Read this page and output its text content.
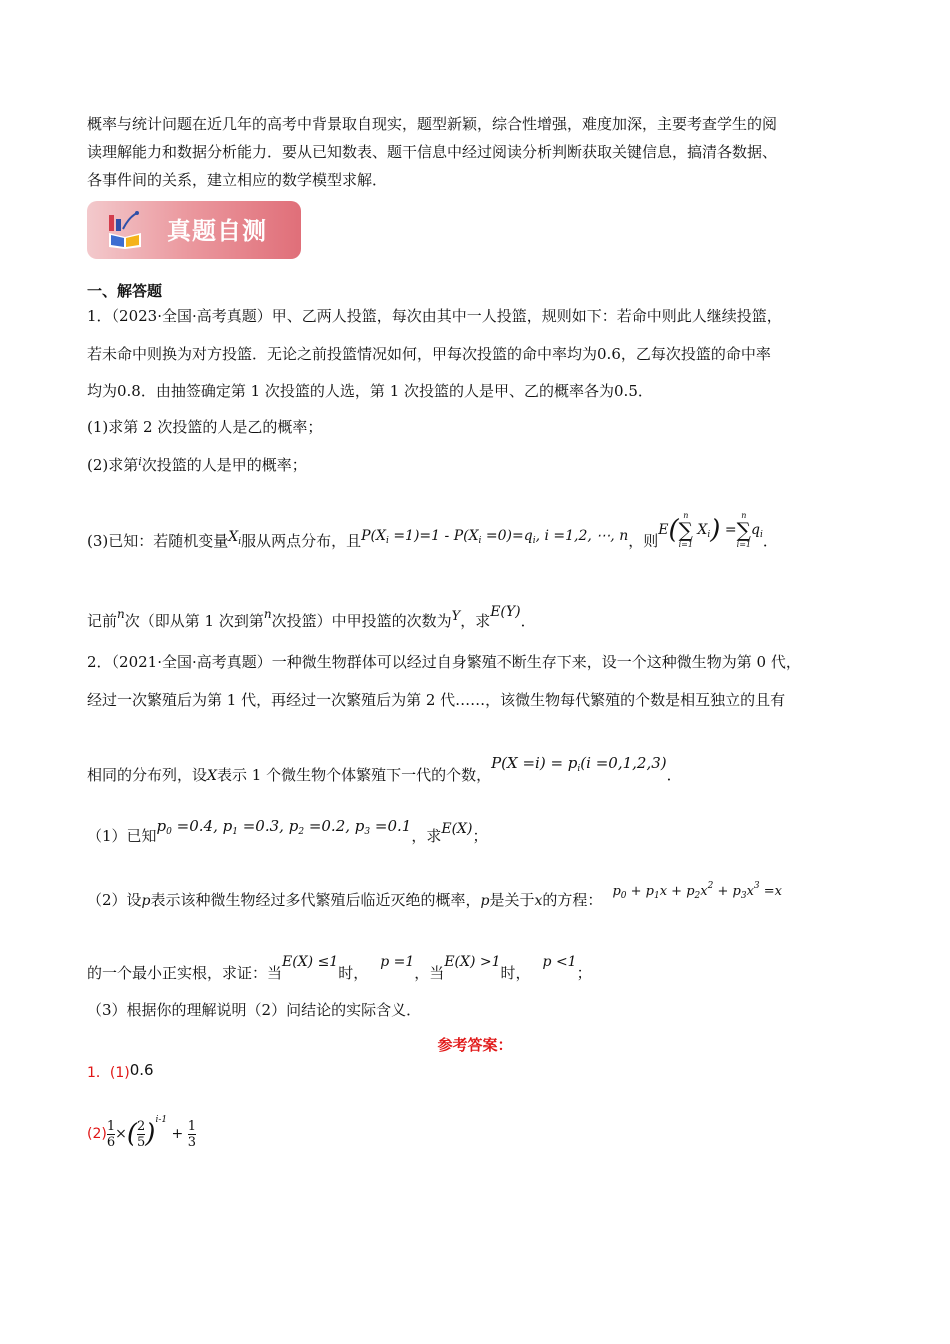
概率与统计问题在近几年的高考中背景取自现实，题型新颖，综合性增强，难度加深，主要考查学生的阅
读理解能力和数据分析能力．要从已知数表、题干信息中经过阅读分析判断获取关键信息，搞清各数据、
各事件间的关系，建立相应的数学模型求解．
真题自测
一、解答题
1．（2023·全国·高考真题）甲、乙两人投篮，每次由其中一人投篮，规则如下：若命中则此人继续投篮，
若未命中则换为对方投篮．无论之前投篮情况如何，甲每次投篮的命中率均为0.6，乙每次投篮的命中率
均为0.8．由抽签确定第 1 次投篮的人选，第 1 次投篮的人是甲、乙的概率各为0.5．
(1)求第 2 次投篮的人是乙的概率；
(2)求第$^i$次投篮的人是甲的概率；
(3)已知：若随机变量$X_i$服从两点分布，且$P(X_i =1)=1 - P(X_i =0)=q_i$, i =1,2, ⋯, n，则E( n
∑
i=1
$X_i$) =
n
∑
i=1
$q_i$．
记前$^n$次（即从第 1 次到第$^n$次投篮）中甲投篮的次数为Y，求E(Y)．
2．（2021·全国·高考真题）一种微生物群体可以经过自身繁殖不断生存下来，设一个这种微生物为第 0 代，
经过一次繁殖后为第 1 代，再经过一次繁殖后为第 2 代……，该微生物每代繁殖的个数是相互独立的且有
相同的分布列，设X表示 1 个微生物个体繁殖下一代的个数，$P(X =i) = p_i(i =0,1,2,3)$．
（1）已知$p_0 =0.4$, $p_1 =0.3$, $p_2 =0.2$, $p_3 =0.1$，求E(X)；
（2）设p表示该种微生物经过多代繁殖后临近灭绝的概率，p是关于x的方程： $p_0 + p_1x + p_2x^2 + p_3x^3 =x$
的一个最小正实根，求证：当E(X) ≤1时，p =1，当E(X) >1时，p <1；
（3）根据你的理解说明（2）问结论的实际含义．
参考答案：
1．(1)0.6
$(2) \frac{1}{6}$ ×( $\frac{2}{5} )^{i-1} + \frac{1}{3}$
